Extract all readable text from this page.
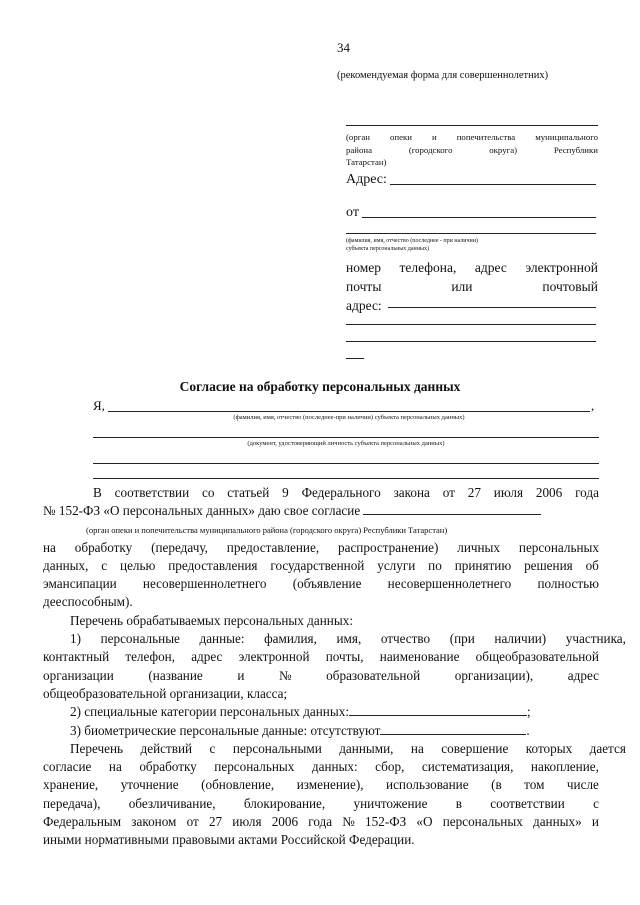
34
(рекомендуемая форма для совершеннолетних)
(орган опеки и попечительства муниципального
района	(городского	округа)	Республики
Татарстан)
Адрес:
от
(фамилия, имя, отчество (последнее - при наличии)
субъекта персональных данных)
номер телефона, адрес электронной
почты	или	почтовый
адрес:
Согласие на обработку персональных данных
Я,	,
(фамилия, имя, отчество (последнее-при наличии) субъекта персональных данных)
(документ, удостоверяющий личность субъекта персональных данных)
В соответствии со статьей 9 Федерального закона от 27 июля 2006 года
№ 152-ФЗ «О персональных данных» даю свое согласие
(орган опеки и попечительства муниципального района (городского округа) Республики Татарстан)
на обработку (передачу, предоставление, распространение) личных персональных
данных, с целью предоставления государственной услуги по принятию решения об
эмансипации несовершеннолетнего (объявление несовершеннолетнего полностью
дееспособным).
Перечень обрабатываемых персональных данных:
1) персональные данные: фамилия, имя, отчество (при наличии) участника,
контактный телефон, адрес электронной почты, наименование общеобразовательной
организации	(название	и	№	образовательной	организации),	адрес
общеобразовательной организации, класса;
2) специальные категории персональных данных:	;
3) биометрические персональные данные: отсутствуют	.
Перечень действий с персональными данными, на совершение которых дается
согласие на обработку персональных данных: сбор, систематизация, накопление,
хранение, уточнение (обновление, изменение), использование (в том числе
передача), обезличивание, блокирование, уничтожение в соответствии с
Федеральным законом от 27 июля 2006 года № 152-ФЗ «О персональных данных» и
иными нормативными правовыми актами Российской Федерации.
